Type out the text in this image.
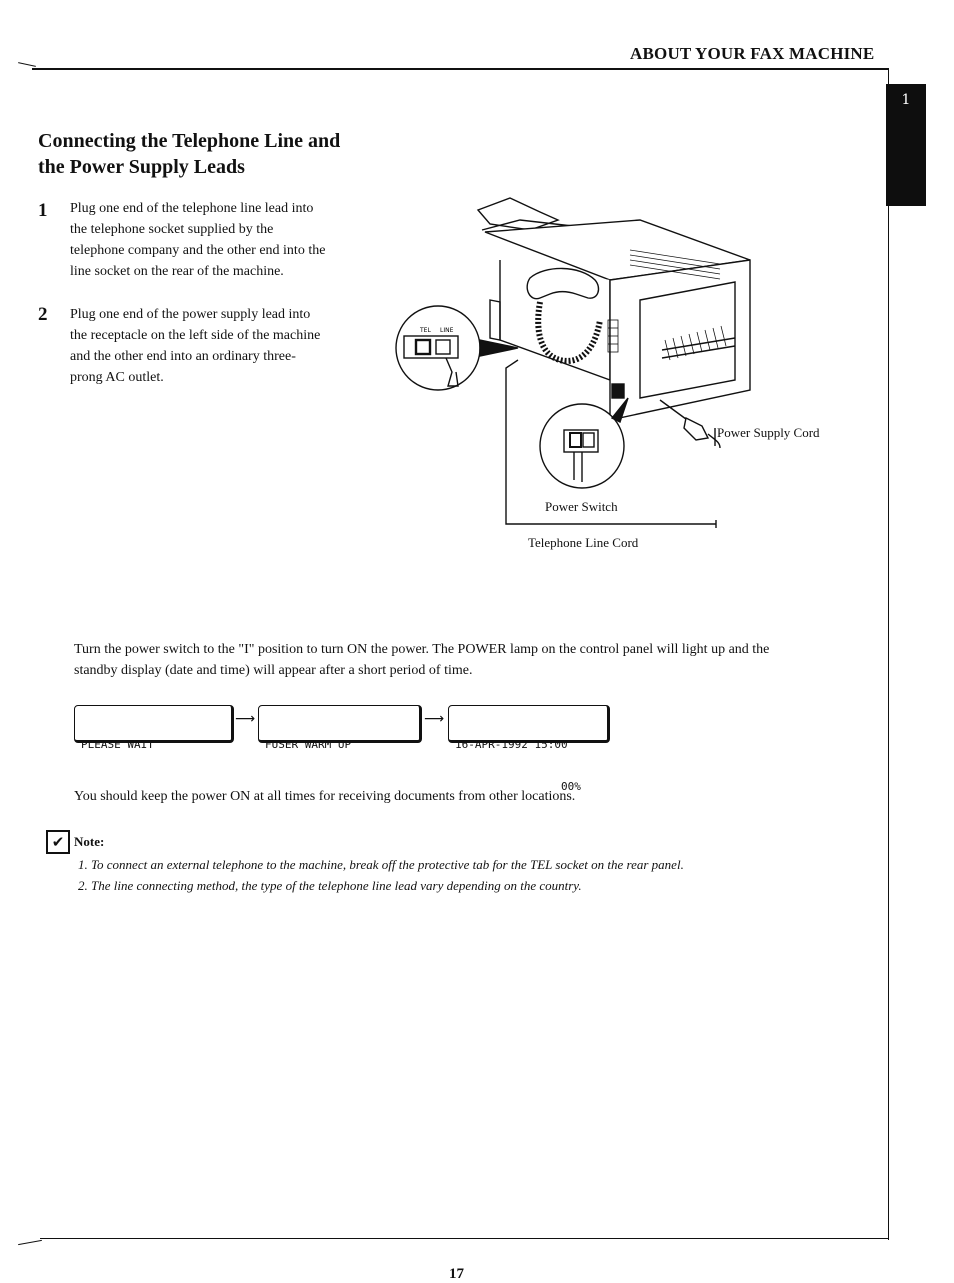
ABOUT YOUR FAX MACHINE
1
Connecting the Telephone Line and
the Power Supply Leads
1 Plug one end of the telephone line lead into
the telephone socket supplied by the
telephone company and the other end into the
line socket on the rear of the machine.
2 Plug one end of the power supply lead into
the receptacle on the left side of the machine
and the other end into an ordinary three-
prong AC outlet.
TEL LINE
Power Supply Cord
Power Switch
Telephone Line Cord
Turn the power switch to the "I" position to turn ON the power. The POWER lamp on the control panel will light up and the
standby display (date and time) will appear after a short period of time.

PLEASE WAIT

⟶

FUSER WARM UP

⟶

16-APR-1992 15:00

00%

You should keep the power ON at all times for receiving documents from other locations.
✔ Note:
1. To connect an external telephone to the machine, break off the protective tab for the TEL socket on the rear panel.
2. The line connecting method, the type of the telephone line lead vary depending on the country.
17
